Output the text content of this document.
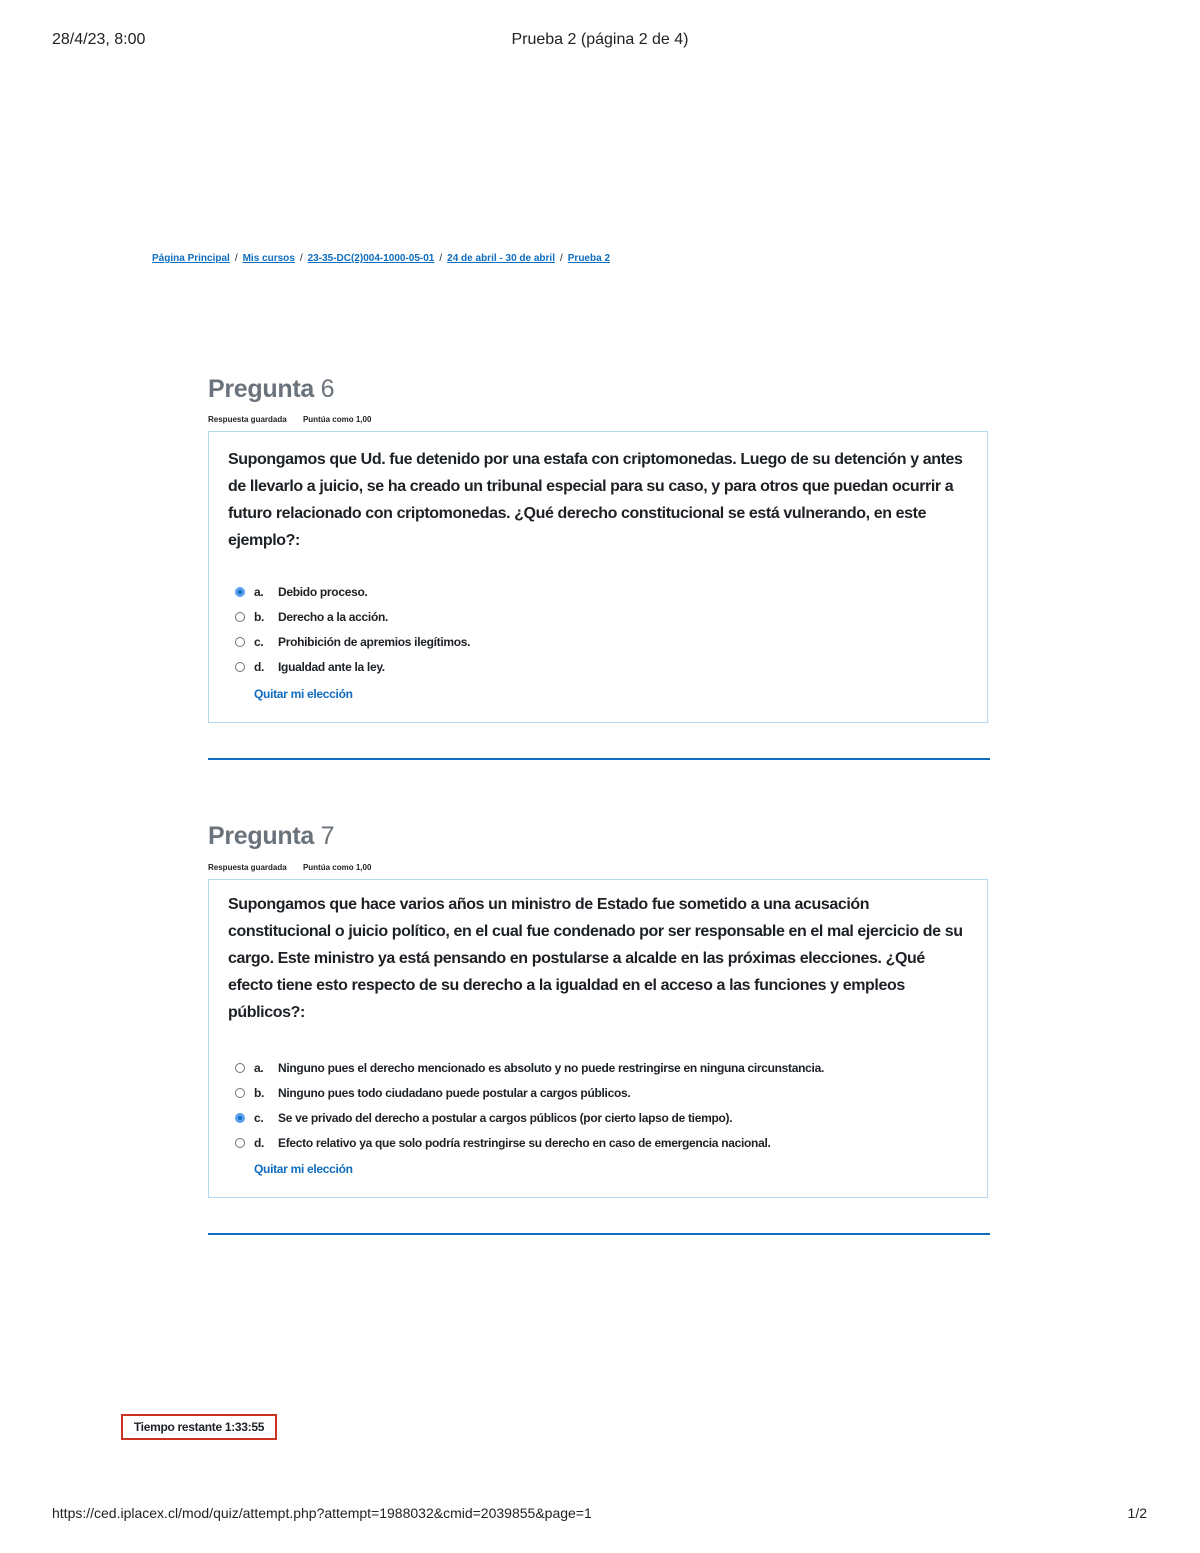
28/4/23, 8:00	Prueba 2 (página 2 de 4)
Página Principal / Mis cursos / 23-35-DC(2)004-1000-05-01 / 24 de abril - 30 de abril / Prueba 2
Pregunta 6
Respuesta guardada Puntúa como 1,00
Supongamos que Ud. fue detenido por una estafa con criptomonedas. Luego de su detención y antes de llevarlo a juicio, se ha creado un tribunal especial para su caso, y para otros que puedan ocurrir a futuro relacionado con criptomonedas. ¿Qué derecho constitucional se está vulnerando, en este ejemplo?:
a.	Debido proceso.
b.	Derecho a la acción.
c.	Prohibición de apremios ilegítimos.
d.	Igualdad ante la ley.
Quitar mi elección
Pregunta 7
Respuesta guardada Puntúa como 1,00
Supongamos que hace varios años un ministro de Estado fue sometido a una acusación constitucional o juicio político, en el cual fue condenado por ser responsable en el mal ejercicio de su cargo. Este ministro ya está pensando en postularse a alcalde en las próximas elecciones. ¿Qué efecto tiene esto respecto de su derecho a la igualdad en el acceso a las funciones y empleos públicos?:
a.	Ninguno pues el derecho mencionado es absoluto y no puede restringirse en ninguna circunstancia.
b.	Ninguno pues todo ciudadano puede postular a cargos públicos.
c.	Se ve privado del derecho a postular a cargos públicos (por cierto lapso de tiempo).
d.	Efecto relativo ya que solo podría restringirse su derecho en caso de emergencia nacional.
Quitar mi elección
Tiempo restante 1:33:55
https://ced.iplacex.cl/mod/quiz/attempt.php?attempt=1988032&cmid=2039855&page=1	1/2
